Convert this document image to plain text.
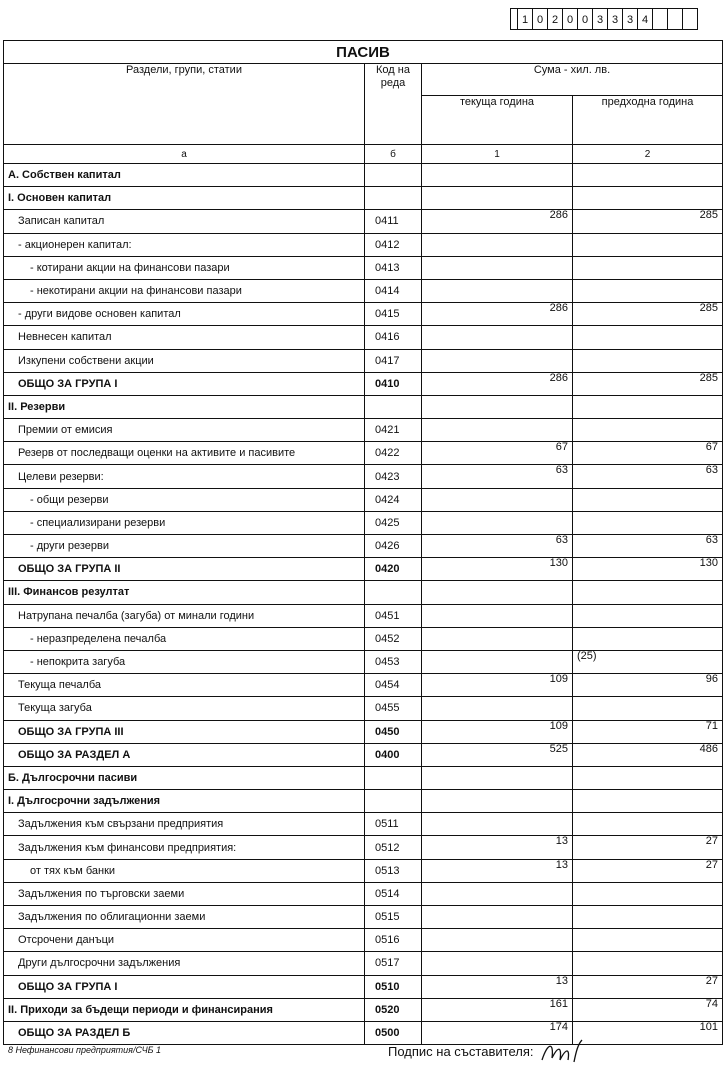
1 0 2 0 0 3 3 3 4
ПАСИВ			
Раздели, групи, статии	Код на реда	Сума - хил. лв.	
		текуща година	предходна година
а	б	1	2
А. Собствен капитал			
I. Основен капитал			
Записан капитал	0411	286	285
- акционерен капитал:	0412		
- котирани акции на финансови пазари	0413		
- некотирани акции на финансови пазари	0414		
- други видове основен капитал	0415	286	285
Невнесен капитал	0416		
Изкупени собствени акции	0417		
ОБЩО ЗА ГРУПА I	0410	286	285
II. Резерви			
Премии от емисия	0421		
Резерв от последващи оценки на активите и пасивите	0422	67	67
Целеви резерви:	0423	63	63
- общи резерви	0424		
- специализирани резерви	0425		
- други резерви	0426	63	63
ОБЩО ЗА ГРУПА II	0420	130	130
III. Финансов резултат			
Натрупана печалба (загуба) от минали години	0451		
- неразпределена печалба	0452		
- непокрита загуба	0453		(25)
Текуща печалба	0454	109	96
Текуща загуба	0455		
ОБЩО ЗА ГРУПА III	0450	109	71
ОБЩО ЗА РАЗДЕЛ А	0400	525	486
Б. Дългосрочни пасиви			
I. Дългосрочни задължения			
Задължения към свързани предприятия	0511		
Задължения към финансови предприятия:	0512	13	27
от тях към банки	0513	13	27
Задължения по търговски заеми	0514		
Задължения по облигационни заеми	0515		
Отсрочени данъци	0516		
Други дългосрочни задължения	0517		
ОБЩО ЗА ГРУПА I	0510	13	27
II. Приходи за бъдещи периоди и финансирания	0520	161	74
ОБЩО ЗА РАЗДЕЛ Б	0500	174	101
8 Нефинансови предприятия/СЧБ 1	Подпис на съставителя:
